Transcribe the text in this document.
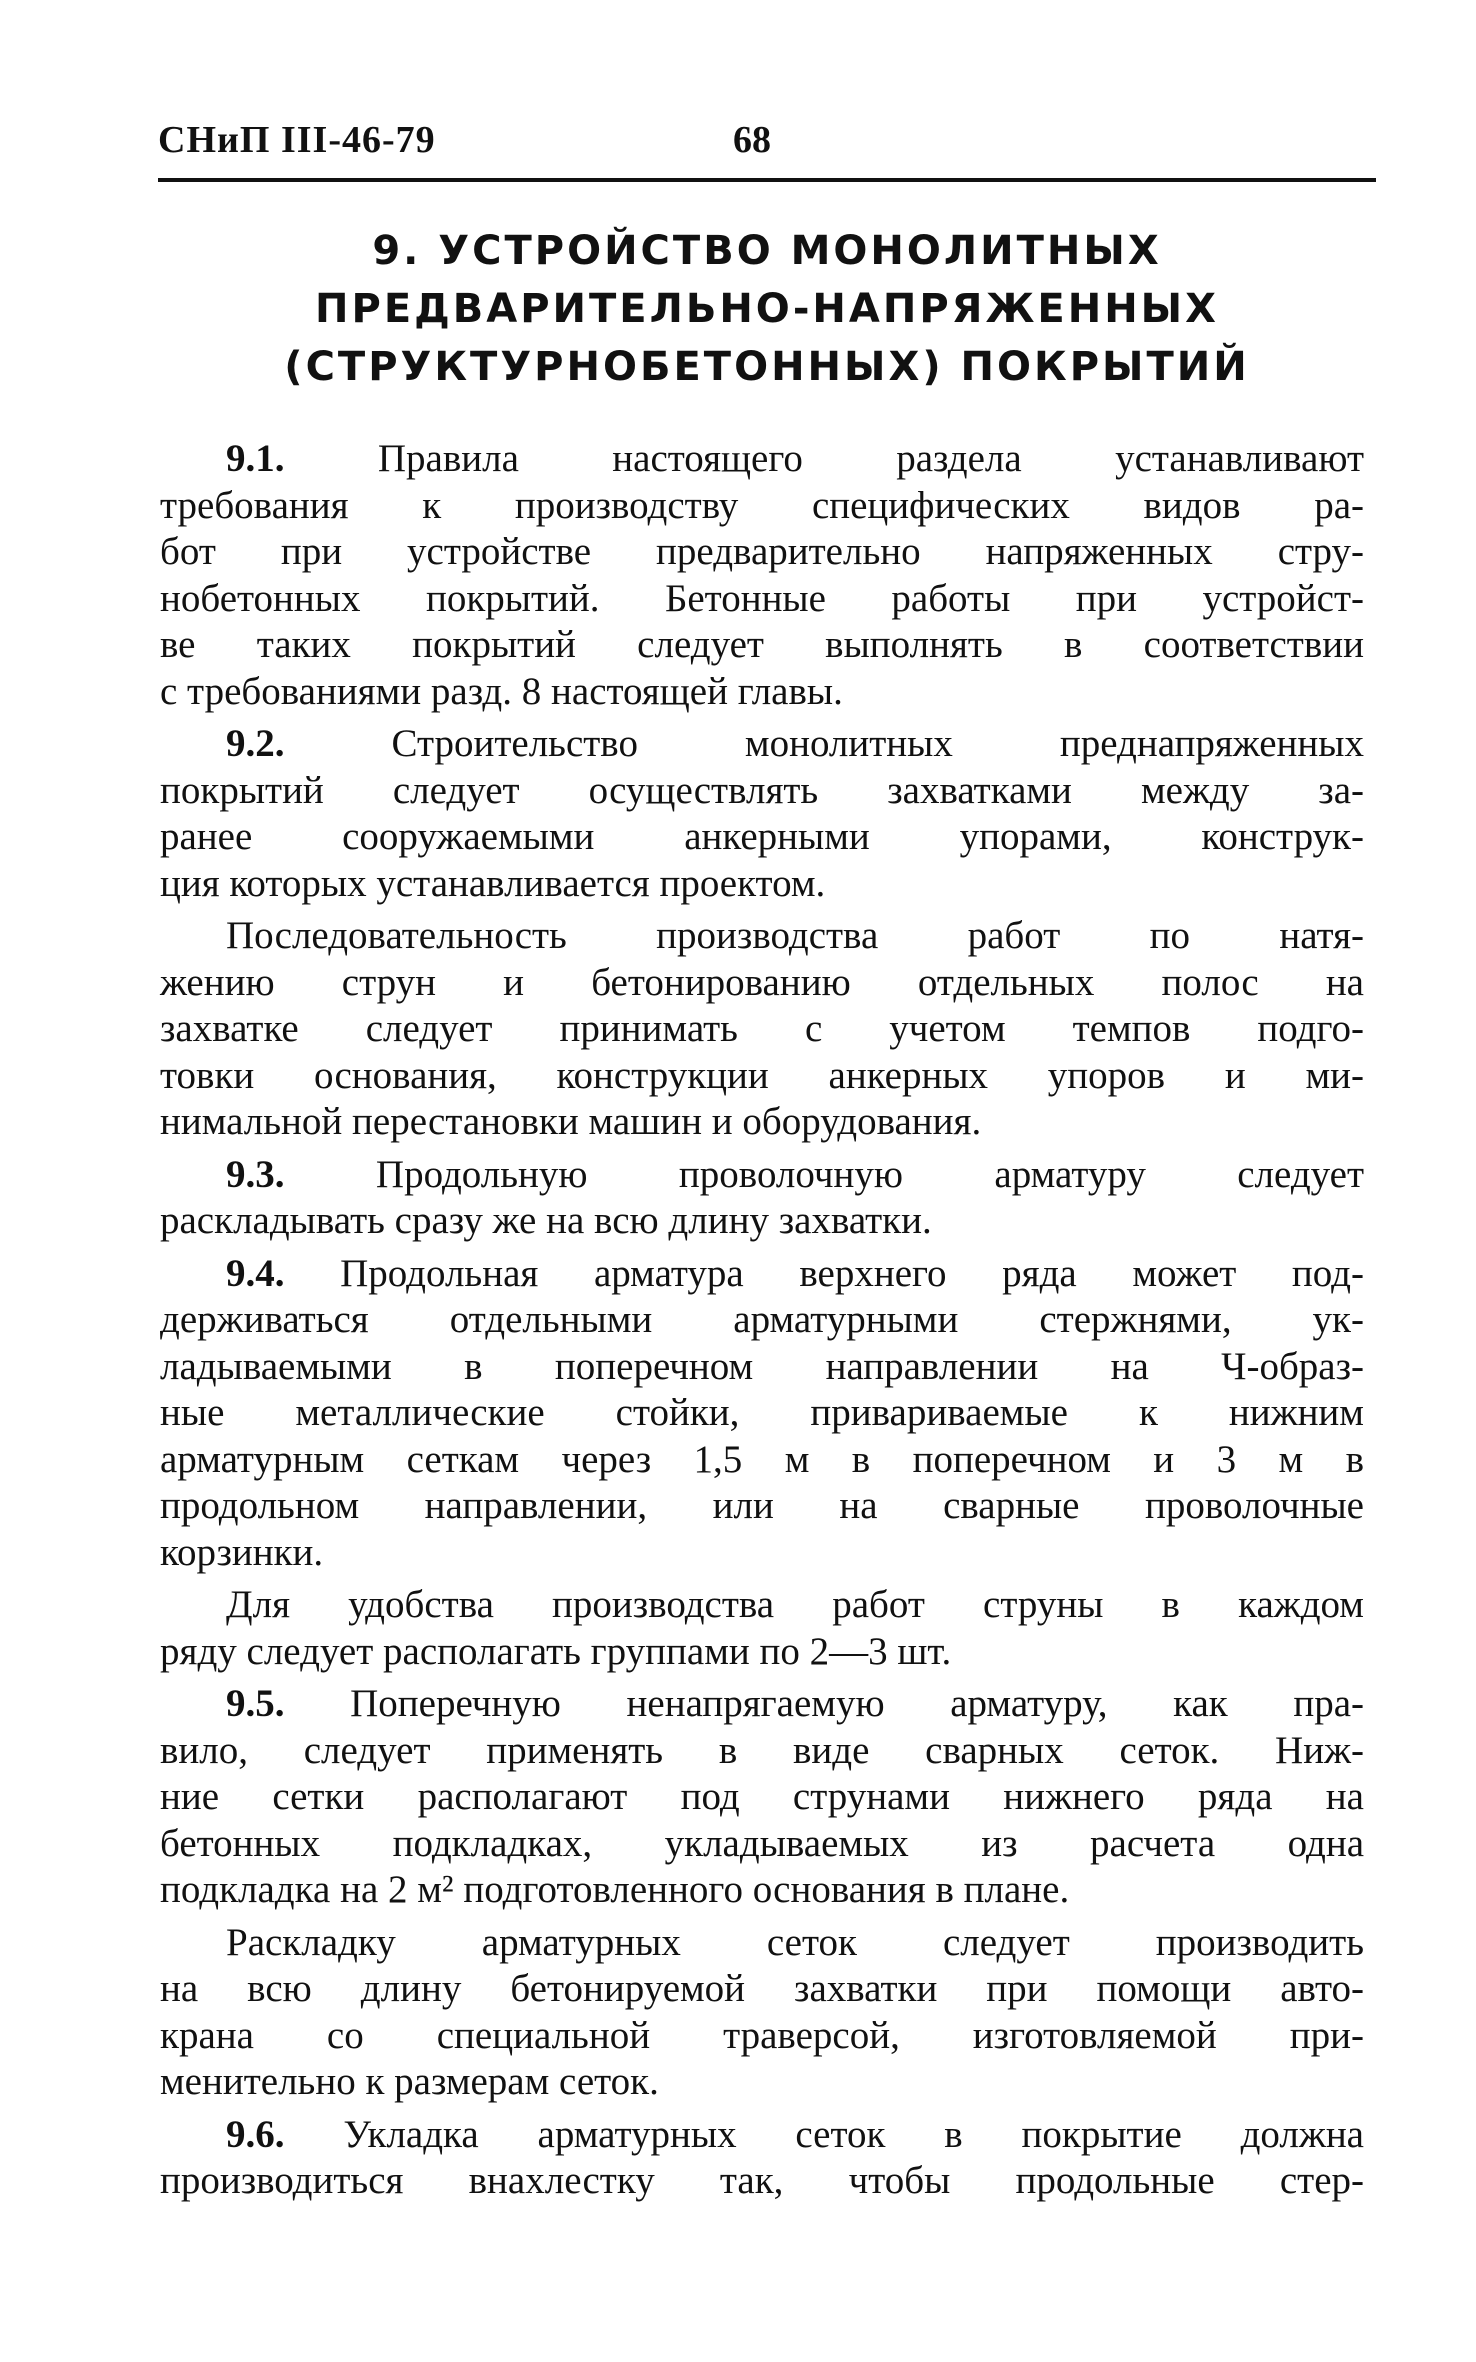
СНиП III-46-79	68
9. УСТРОЙСТВО МОНОЛИТНЫХ
ПРЕДВАРИТЕЛЬНО-НАПРЯЖЕННЫХ
(СТРУКТУРНОБЕТОННЫХ) ПОКРЫТИЙ
9.1. Правила настоящего раздела устанавливают
требования к производству специфических видов ра-
бот при устройстве предварительно напряженных стру-
нобетонных покрытий. Бетонные работы при устройст-
ве таких покрытий следует выполнять в соответствии
с требованиями разд. 8 настоящей главы.
9.2. Строительство монолитных преднапряженных
покрытий следует осуществлять захватками между за-
ранее сооружаемыми анкерными упорами, конструк-
ция которых устанавливается проектом.
Последовательность производства работ по натя-
жению струн и бетонированию отдельных полос на
захватке следует принимать с учетом темпов подго-
товки основания, конструкции анкерных упоров и ми-
нимальной перестановки машин и оборудования.
9.3. Продольную проволочную арматуру следует
раскладывать сразу же на всю длину захватки.
9.4. Продольная арматура верхнего ряда может под-
держиваться отдельными арматурными стержнями, ук-
ладываемыми в поперечном направлении на Ч-образ-
ные металлические стойки, привариваемые к нижним
арматурным сеткам через 1,5 м в поперечном и 3 м в
продольном направлении, или на сварные проволочные
корзинки.
Для удобства производства работ струны в каждом
ряду следует располагать группами по 2—3 шт.
9.5. Поперечную ненапрягаемую арматуру, как пра-
вило, следует применять в виде сварных сеток. Ниж-
ние сетки располагают под струнами нижнего ряда на
бетонных подкладках, укладываемых из расчета одна
подкладка на 2 м² подготовленного основания в плане.
Раскладку арматурных сеток следует производить
на всю длину бетонируемой захватки при помощи авто-
крана со специальной траверсой, изготовляемой при-
менительно к размерам сеток.
9.6. Укладка арматурных сеток в покрытие должна
производиться внахлестку так, чтобы продольные стер-
